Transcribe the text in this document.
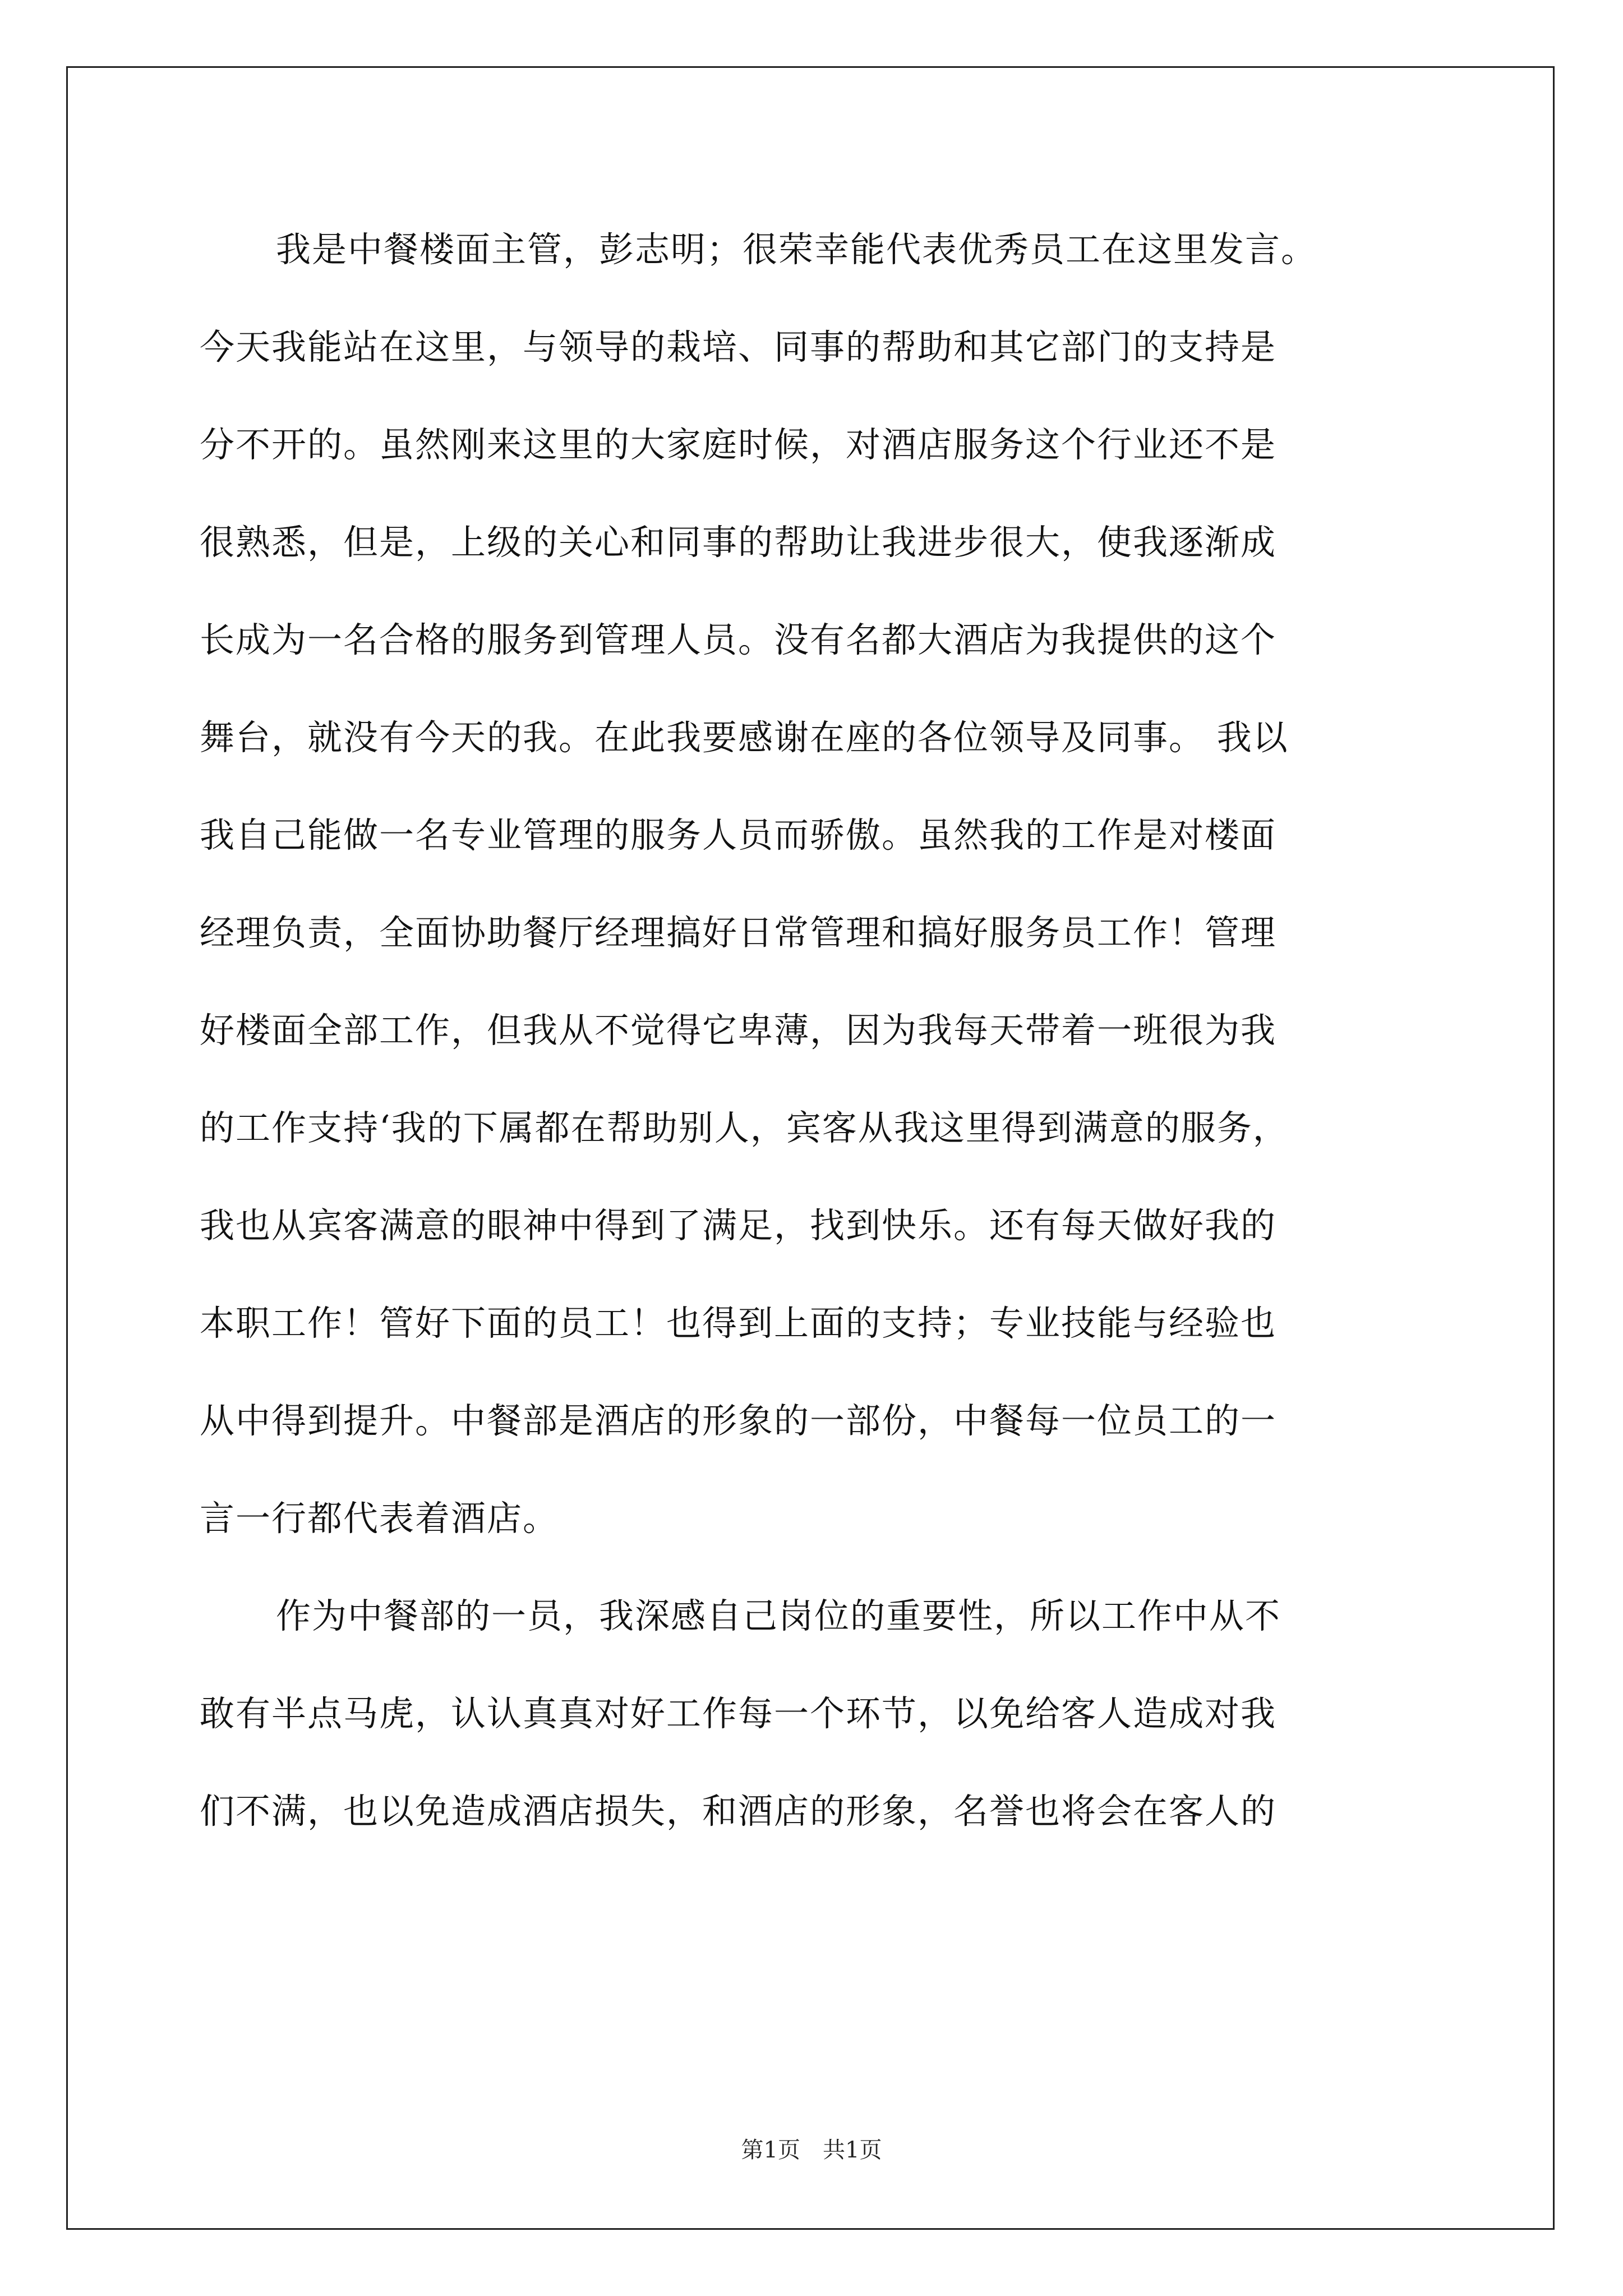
我是中餐楼面主管，彭志明；很荣幸能代表优秀员工在这里发言。
今天我能站在这里，与领导的栽培、同事的帮助和其它部门的支持是
分不开的。虽然刚来这里的大家庭时候，对酒店服务这个行业还不是
很熟悉，但是，上级的关心和同事的帮助让我进步很大，使我逐渐成
长成为一名合格的服务到管理人员。没有名都大酒店为我提供的这个
舞台，就没有今天的我。在此我要感谢在座的各位领导及同事。 我以
我自己能做一名专业管理的服务人员而骄傲。虽然我的工作是对楼面
经理负责，全面协助餐厅经理搞好日常管理和搞好服务员工作！管理
好楼面全部工作，但我从不觉得它卑薄，因为我每天带着一班很为我
的工作支持‘我的下属都在帮助别人，宾客从我这里得到满意的服务，
我也从宾客满意的眼神中得到了满足，找到快乐。还有每天做好我的
本职工作！管好下面的员工！也得到上面的支持；专业技能与经验也
从中得到提升。中餐部是酒店的形象的一部份，中餐每一位员工的一
言一行都代表着酒店。
作为中餐部的一员，我深感自己岗位的重要性，所以工作中从不
敢有半点马虎，认认真真对好工作每一个环节，以免给客人造成对我
们不满，也以免造成酒店损失，和酒店的形象，名誉也将会在客人的
第1页　共1页
